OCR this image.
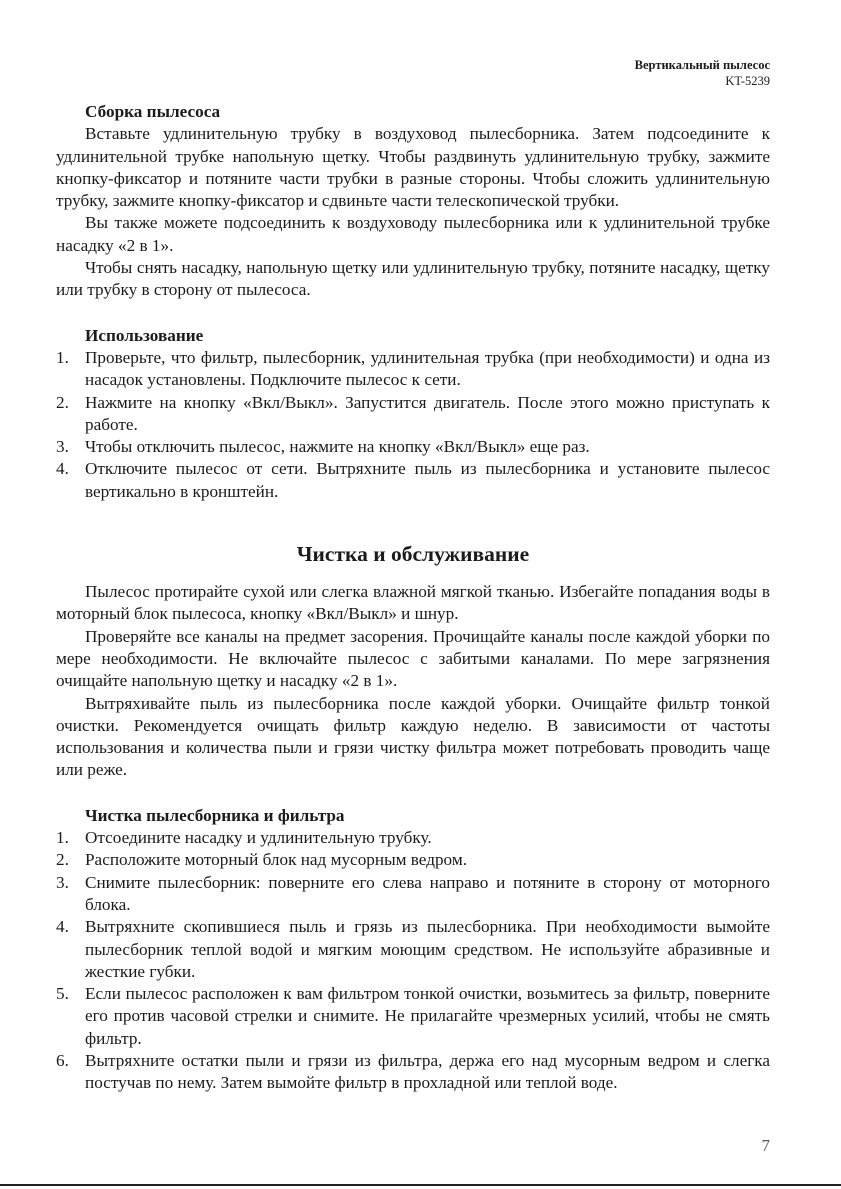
Вертикальный пылесос
KT-5239
Сборка пылесоса

Вставьте удлинительную трубку в воздуховод пылесборника. Затем подсоедините к удлинительной трубке напольную щетку. Чтобы раздвинуть удлинительную трубку, зажмите кнопку-фиксатор и потяните части трубки в разные стороны. Чтобы сложить удлинительную трубку, зажмите кнопку-фиксатор и сдвиньте части телескопической трубки.

Вы также можете подсоединить к воздуховоду пылесборника или к удлинительной трубке насадку «2 в 1».

Чтобы снять насадку, напольную щетку или удлинительную трубку, потяните насадку, щетку или трубку в сторону от пылесоса.

Использование
1. Проверьте, что фильтр, пылесборник, удлинительная трубка (при необходимости) и одна из насадок установлены. Подключите пылесос к сети.
2. Нажмите на кнопку «Вкл/Выкл». Запустится двигатель. После этого можно приступать к работе.
3. Чтобы отключить пылесос, нажмите на кнопку «Вкл/Выкл» еще раз.
4. Отключите пылесос от сети. Вытряхните пыль из пылесборника и установите пылесос вертикально в кронштейн.
Чистка и обслуживание

Пылесос протирайте сухой или слегка влажной мягкой тканью. Избегайте попадания воды в моторный блок пылесоса, кнопку «Вкл/Выкл» и шнур.

Проверяйте все каналы на предмет засорения. Прочищайте каналы после каждой уборки по мере необходимости. Не включайте пылесос с забитыми каналами. По мере загрязнения очищайте напольную щетку и насадку «2 в 1».

Вытряхивайте пыль из пылесборника после каждой уборки. Очищайте фильтр тонкой очистки. Рекомендуется очищать фильтр каждую неделю. В зависимости от частоты использования и количества пыли и грязи чистку фильтра может потребовать проводить чаще или реже.

Чистка пылесборника и фильтра
1. Отсоедините насадку и удлинительную трубку.
2. Расположите моторный блок над мусорным ведром.
3. Снимите пылесборник: поверните его слева направо и потяните в сторону от моторного блока.
4. Вытряхните скопившиеся пыль и грязь из пылесборника. При необходимости вымойте пылесборник теплой водой и мягким моющим средством. Не используйте абразивные и жесткие губки.
5. Если пылесос расположен к вам фильтром тонкой очистки, возьмитесь за фильтр, поверните его против часовой стрелки и снимите. Не прилагайте чрезмерных усилий, чтобы не смять фильтр.
6. Вытряхните остатки пыли и грязи из фильтра, держа его над мусорным ведром и слегка постучав по нему. Затем вымойте фильтр в прохладной или теплой воде.
7
